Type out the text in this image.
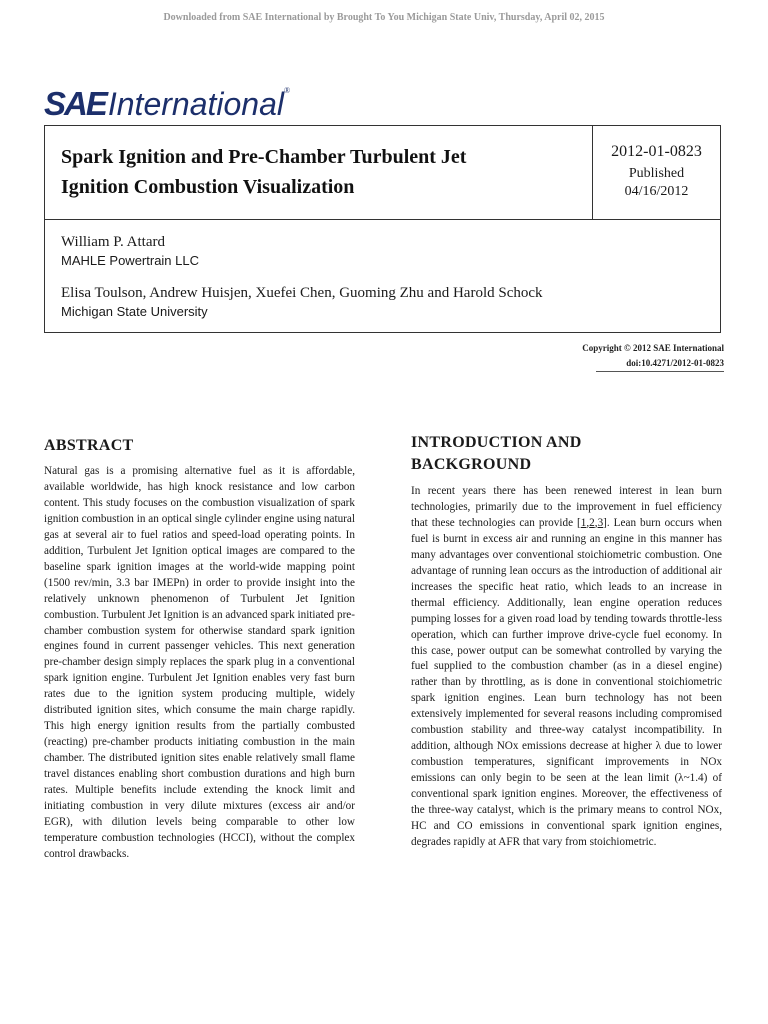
Downloaded from SAE International by Brought To You Michigan State Univ, Thursday, April 02, 2015
SAE International ®

Spark Ignition and Pre-Chamber Turbulent Jet
Ignition Combustion Visualization

2012-01-0823
Published
04/16/2012
William P. Attard
MAHLE Powertrain LLC
Elisa Toulson, Andrew Huisjen, Xuefei Chen, Guoming Zhu and Harold Schock
Michigan State University
Copyright © 2012 SAE International
doi:10.4271/2012-01-0823
ABSTRACT

Natural gas is a promising alternative fuel as it is affordable, available worldwide, has high knock resistance and low carbon content. This study focuses on the combustion visualization of spark ignition combustion in an optical single cylinder engine using natural gas at several air to fuel ratios and speed-load operating points. In addition, Turbulent Jet Ignition optical images are compared to the baseline spark ignition images at the world-wide mapping point (1500 rev/min, 3.3 bar IMEPn) in order to provide insight into the relatively unknown phenomenon of Turbulent Jet Ignition combustion. Turbulent Jet Ignition is an advanced spark initiated pre-chamber combustion system for otherwise standard spark ignition engines found in current passenger vehicles. This next generation pre-chamber design simply replaces the spark plug in a conventional spark ignition engine. Turbulent Jet Ignition enables very fast burn rates due to the ignition system producing multiple, widely distributed ignition sites, which consume the main charge rapidly. This high energy ignition results from the partially combusted (reacting) pre-chamber products initiating combustion in the main chamber. The distributed ignition sites enable relatively small flame travel distances enabling short combustion durations and high burn rates. Multiple benefits include extending the knock limit and initiating combustion in very dilute mixtures (excess air and/or EGR), with dilution levels being comparable to other low temperature combustion technologies (HCCI), without the complex control drawbacks.

INTRODUCTION AND
BACKGROUND

In recent years there has been renewed interest in lean burn technologies, primarily due to the improvement in fuel efficiency that these technologies can provide [1,2,3]. Lean burn occurs when fuel is burnt in excess air and running an engine in this manner has many advantages over conventional stoichiometric combustion. One advantage of running lean occurs as the introduction of additional air increases the specific heat ratio, which leads to an increase in thermal efficiency. Additionally, lean engine operation reduces pumping losses for a given road load by tending towards throttle-less operation, which can further improve drive-cycle fuel economy. In this case, power output can be somewhat controlled by varying the fuel supplied to the combustion chamber (as in a diesel engine) rather than by throttling, as is done in conventional stoichiometric spark ignition engines. Lean burn technology has not been extensively implemented for several reasons including compromised combustion stability and three-way catalyst incompatibility. In addition, although NOx emissions decrease at higher λ due to lower combustion temperatures, significant improvements in NOx emissions can only begin to be seen at the lean limit (λ~1.4) of conventional spark ignition engines. Moreover, the effectiveness of the three-way catalyst, which is the primary means to control NOx, HC and CO emissions in conventional spark ignition engines, degrades rapidly at AFR that vary from stoichiometric.
